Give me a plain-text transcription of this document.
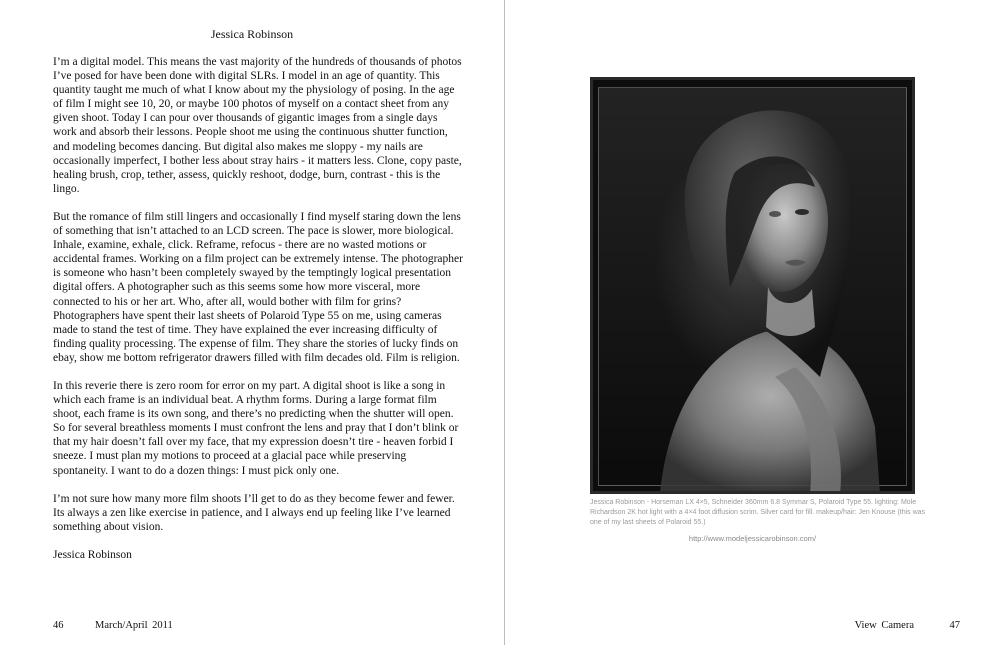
Jessica Robinson

I’m a digital model. This means the vast majority of the hundreds of thousands of photos I’ve posed for have been done with digital SLRs. I model in an age of quantity. This quantity taught me much of what I know about my the physiology of posing. In the age of film I might see 10, 20, or maybe 100 photos of myself on a contact sheet from any given shoot. Today I can pour over thousands of gigantic images from a single days work and absorb their lessons. People shoot me using the continuous shutter function, and modeling becomes dancing. But digital also makes me sloppy - my nails are occasionally imperfect, I bother less about stray hairs - it matters less. Clone, copy paste, healing brush, crop, tether, assess, quickly reshoot, dodge, burn, contrast - this is the lingo.

But the romance of film still lingers and occasionally I find myself staring down the lens of something that isn’t attached to an LCD screen. The pace is slower, more biological. Inhale, examine, exhale, click. Reframe, refocus - there are no wasted motions or accidental frames. Working on a film project can be extremely intense. The photographer is someone who hasn’t been completely swayed by the temptingly logical presentation digital offers. A photographer such as this seems some how more visceral, more connected to his or her art. Who, after all, would bother with film for grins? Photographers have spent their last sheets of Polaroid Type 55 on me, using cameras made to stand the test of time. They have explained the ever increasing difficulty of finding quality processing. The expense of film. They share the stories of lucky finds on ebay, show me bottom refrigerator drawers filled with film decades old. Film is religion.

In this reverie there is zero room for error on my part. A digital shoot is like a song in which each frame is an individual beat. A rhythm forms. During a large format film shoot, each frame is its own song, and there’s no predicting when the shutter will open. So for several breathless moments I must confront the lens and pray that I don’t blink or that my hair doesn’t fall over my face, that my expression doesn’t tire - heaven forbid I sneeze. I must plan my motions to proceed at a glacial pace while preserving spontaneity. I want to do a dozen things: I must pick only one.

I’m not sure how many more film shoots I’ll get to do as they become fewer and fewer. Its always a zen like exercise in patience, and I always end up feeling like I’ve learned something about vision.

Jessica Robinson
46	March/April 2011
Jessica Robinson - Horseman LX 4×5, Schneider 360mm 6.8 Symmar S, Polaroid Type 55. lighting: Mole Richardson 2K hot light with a 4×4 foot diffusion scrim. Silver card for fill. makeup/hair: Jen Knouse (this was one of my last sheets of Polaroid 55.)
http://www.modeljessicarobinson.com/
View Camera	47
